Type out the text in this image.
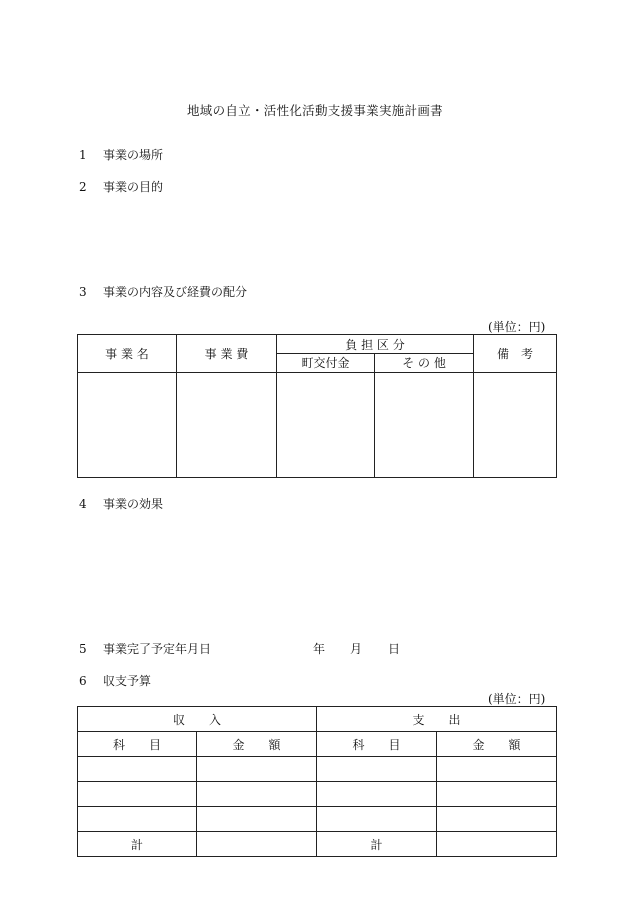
地域の自立・活性化活動支援事業実施計画書
1 事業の場所
2 事業の目的
3 事業の内容及び経費の配分
(単位：円)
事 業 名	事 業 費	負 担 区 分		備　考
		町交付金	そ の 他	

4 事業の効果
5 事業完了予定年月日	年 月 日
6 収支予算
(単位：円)
収　　入		支　　出	
科　　目	金　　額	科　　目	金　　額

計		計	
